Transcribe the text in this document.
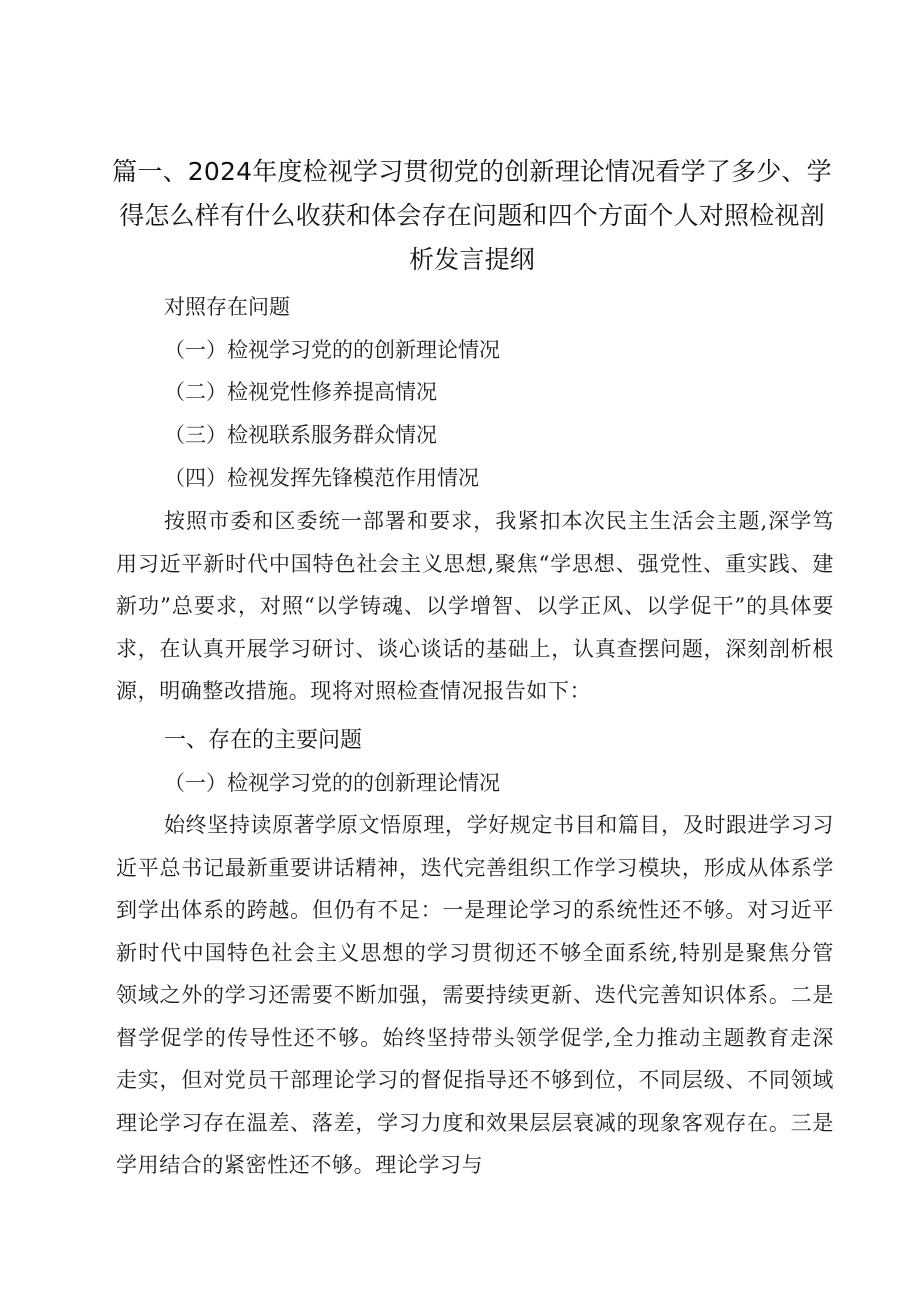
篇一、2024年度检视学习贯彻党的创新理论情况看学了多少、学得怎么样有什么收获和体会存在问题和四个方面个人对照检视剖析发言提纲
对照存在问题
（一）检视学习党的的创新理论情况
（二）检视党性修养提高情况
（三）检视联系服务群众情况
（四）检视发挥先锋模范作用情况
按照市委和区委统一部署和要求，我紧扣本次民主生活会主题,深学笃用习近平新时代中国特色社会主义思想,聚焦“学思想、强党性、重实践、建新功”总要求，对照“以学铸魂、以学增智、以学正风、以学促干”的具体要求，在认真开展学习研讨、谈心谈话的基础上，认真查摆问题，深刻剖析根源，明确整改措施。现将对照检查情况报告如下：
一、存在的主要问题
（一）检视学习党的的创新理论情况
始终坚持读原著学原文悟原理，学好规定书目和篇目，及时跟进学习习近平总书记最新重要讲话精神，迭代完善组织工作学习模块，形成从体系学到学出体系的跨越。但仍有不足：一是理论学习的系统性还不够。对习近平新时代中国特色社会主义思想的学习贯彻还不够全面系统,特别是聚焦分管领域之外的学习还需要不断加强，需要持续更新、迭代完善知识体系。二是督学促学的传导性还不够。始终坚持带头领学促学,全力推动主题教育走深走实，但对党员干部理论学习的督促指导还不够到位，不同层级、不同领域理论学习存在温差、落差，学习力度和效果层层衰减的现象客观存在。三是学用结合的紧密性还不够。理论学习与
